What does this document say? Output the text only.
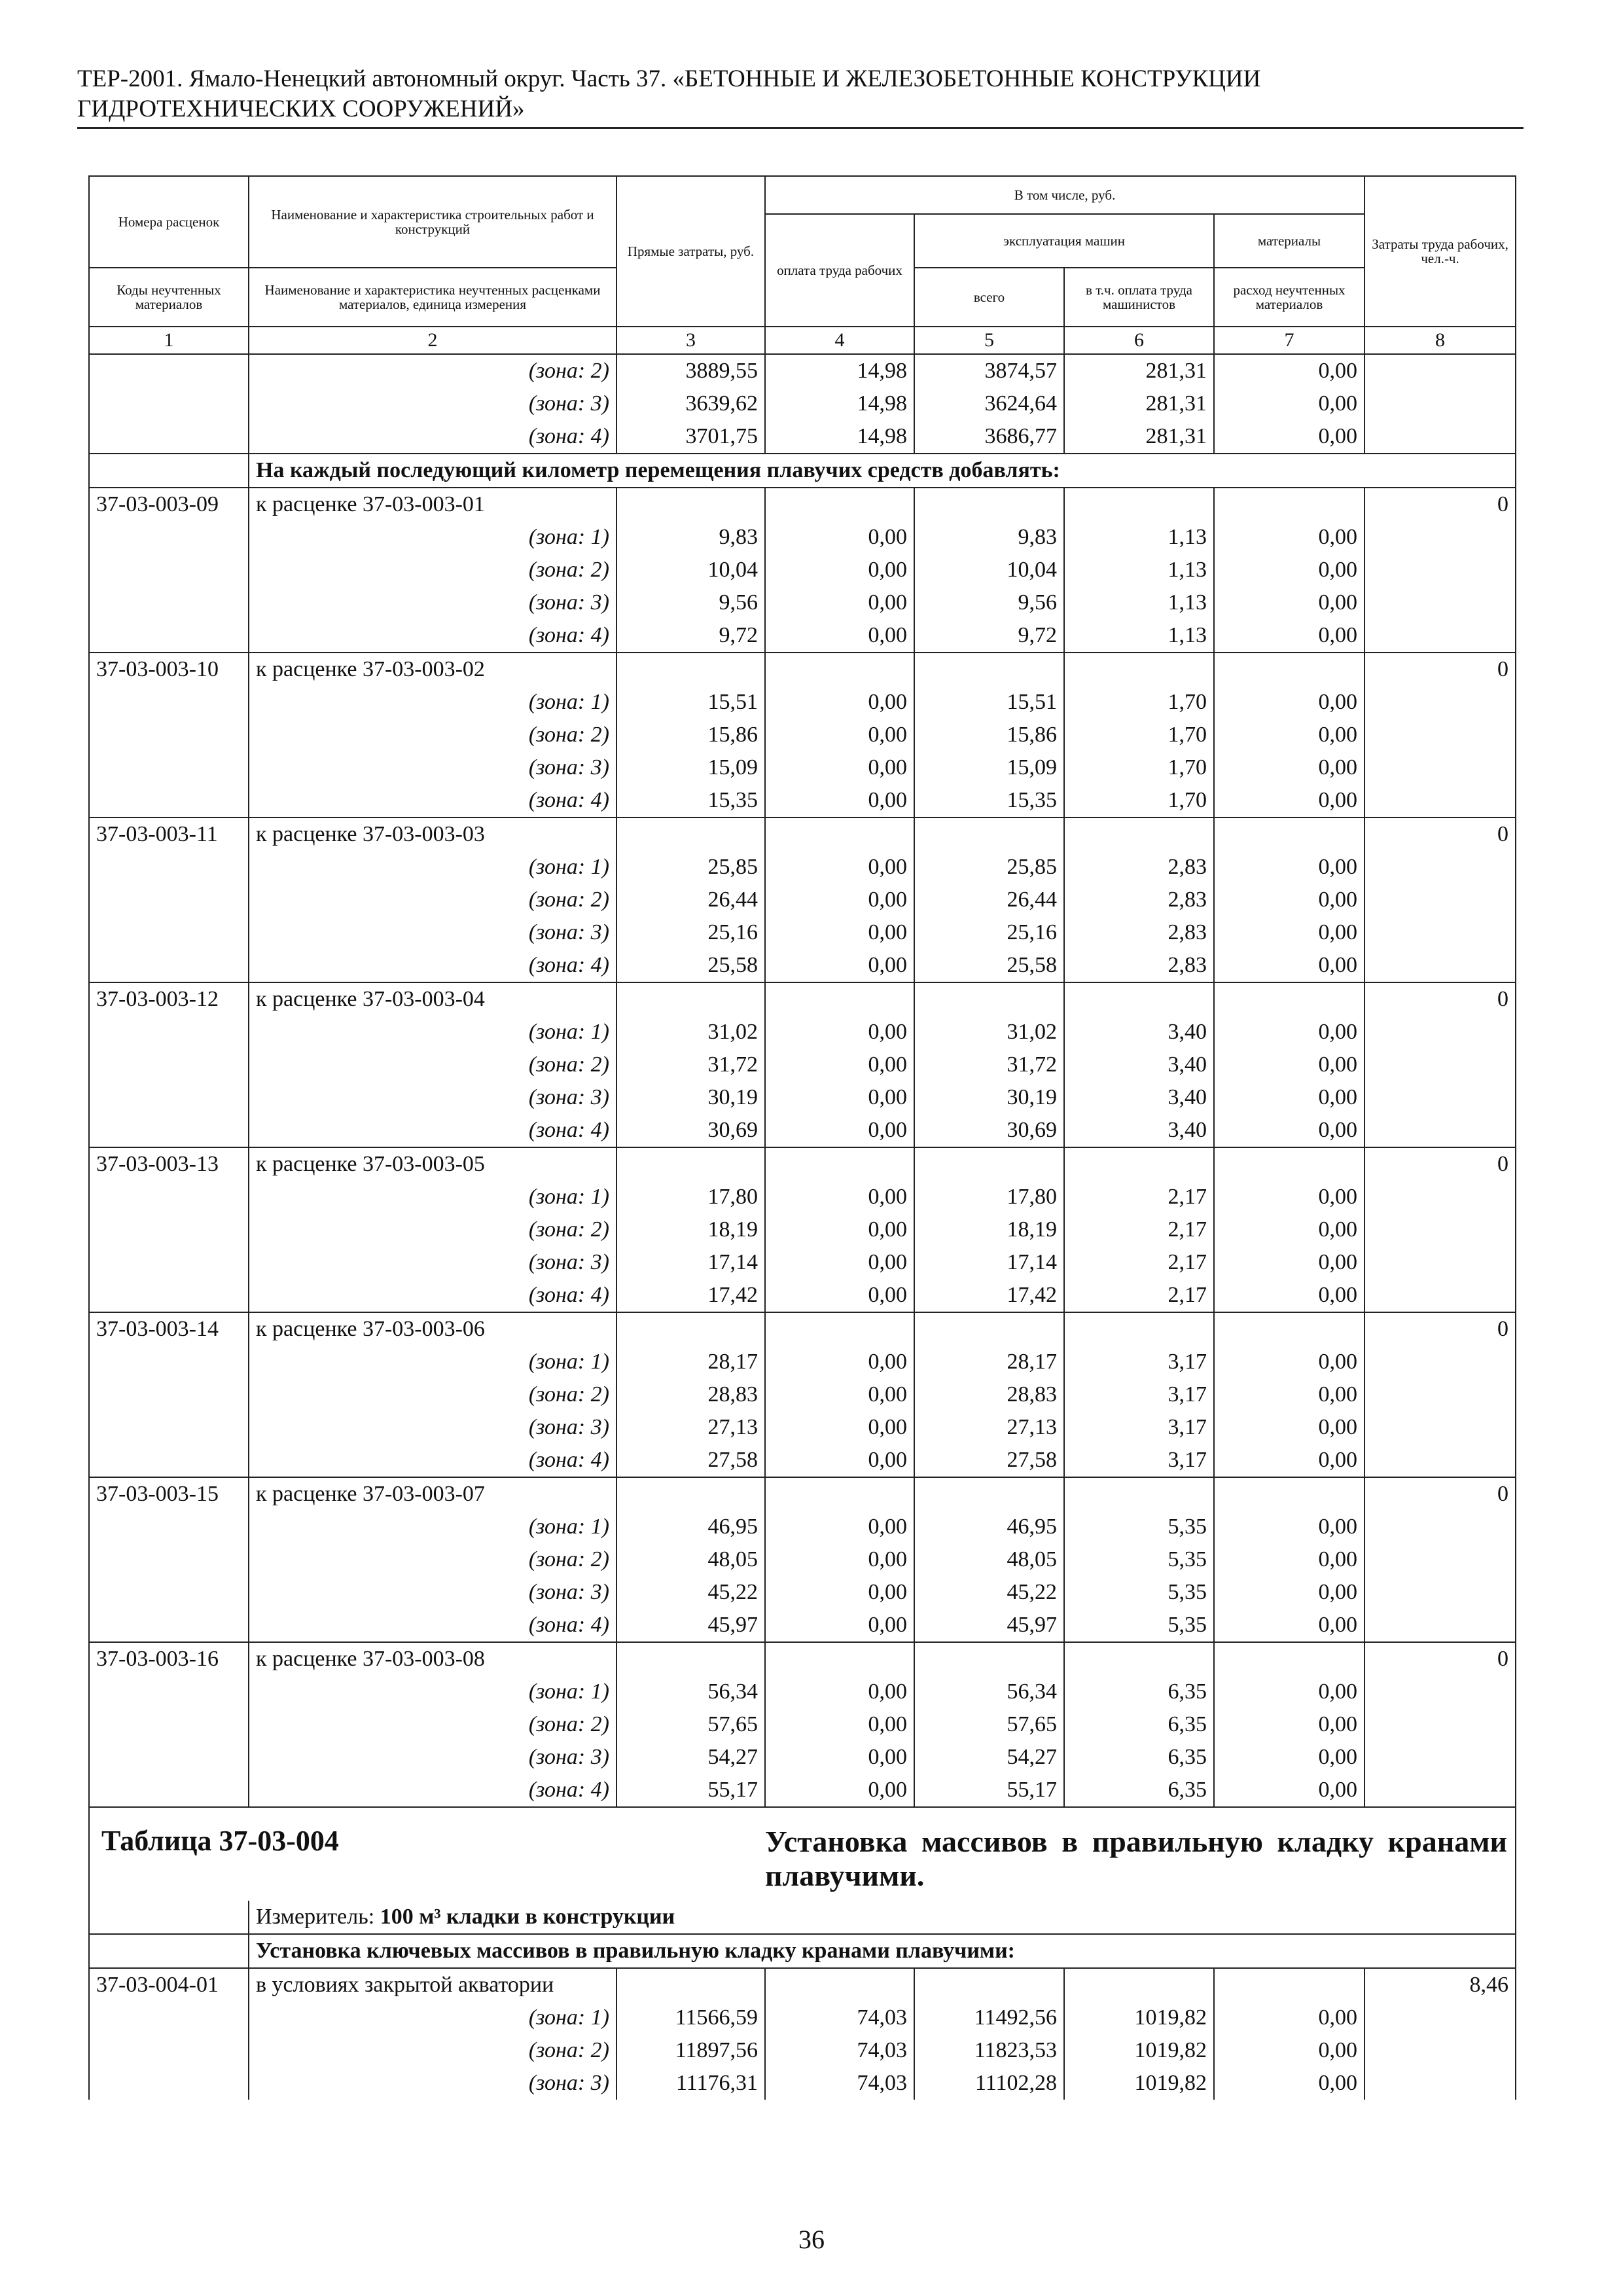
ТЕР-2001. Ямало-Ненецкий автономный округ. Часть 37. «БЕТОННЫЕ И ЖЕЛЕЗОБЕТОННЫЕ КОНСТРУКЦИИ
ГИДРОТЕХНИЧЕСКИХ СООРУЖЕНИЙ»
Номера расценок	Наименование и характеристика строительных работ и конструкций	Прямые затраты, руб.	В том числе, руб.				Затраты труда рабочих, чел.-ч.
			оплата труда рабочих	эксплуатация машин		материалы	
Коды неучтенных материалов	Наименование и характеристика неучтенных расценками материалов, единица измерения			всего	в т.ч. оплата труда машинистов	расход неучтенных материалов	
1	2	3	4	5	6	7	8
	(зона: 2)	3889,55	14,98	3874,57	281,31	0,00	
	(зона: 3)	3639,62	14,98	3624,64	281,31	0,00	
	(зона: 4)	3701,75	14,98	3686,77	281,31	0,00	
	На каждый последующий километр перемещения плавучих средств добавлять:						
37-03-003-09	к расценке 37-03-003-01						0
	(зона: 1)	9,83	0,00	9,83	1,13	0,00	
	(зона: 2)	10,04	0,00	10,04	1,13	0,00	
	(зона: 3)	9,56	0,00	9,56	1,13	0,00	
	(зона: 4)	9,72	0,00	9,72	1,13	0,00	
37-03-003-10	к расценке 37-03-003-02						0
	(зона: 1)	15,51	0,00	15,51	1,70	0,00	
	(зона: 2)	15,86	0,00	15,86	1,70	0,00	
	(зона: 3)	15,09	0,00	15,09	1,70	0,00	
	(зона: 4)	15,35	0,00	15,35	1,70	0,00	
37-03-003-11	к расценке 37-03-003-03						0
	(зона: 1)	25,85	0,00	25,85	2,83	0,00	
	(зона: 2)	26,44	0,00	26,44	2,83	0,00	
	(зона: 3)	25,16	0,00	25,16	2,83	0,00	
	(зона: 4)	25,58	0,00	25,58	2,83	0,00	
37-03-003-12	к расценке 37-03-003-04						0
	(зона: 1)	31,02	0,00	31,02	3,40	0,00	
	(зона: 2)	31,72	0,00	31,72	3,40	0,00	
	(зона: 3)	30,19	0,00	30,19	3,40	0,00	
	(зона: 4)	30,69	0,00	30,69	3,40	0,00	
37-03-003-13	к расценке 37-03-003-05						0
	(зона: 1)	17,80	0,00	17,80	2,17	0,00	
	(зона: 2)	18,19	0,00	18,19	2,17	0,00	
	(зона: 3)	17,14	0,00	17,14	2,17	0,00	
	(зона: 4)	17,42	0,00	17,42	2,17	0,00	
37-03-003-14	к расценке 37-03-003-06						0
	(зона: 1)	28,17	0,00	28,17	3,17	0,00	
	(зона: 2)	28,83	0,00	28,83	3,17	0,00	
	(зона: 3)	27,13	0,00	27,13	3,17	0,00	
	(зона: 4)	27,58	0,00	27,58	3,17	0,00	
37-03-003-15	к расценке 37-03-003-07						0
	(зона: 1)	46,95	0,00	46,95	5,35	0,00	
	(зона: 2)	48,05	0,00	48,05	5,35	0,00	
	(зона: 3)	45,22	0,00	45,22	5,35	0,00	
	(зона: 4)	45,97	0,00	45,97	5,35	0,00	
37-03-003-16	к расценке 37-03-003-08						0
	(зона: 1)	56,34	0,00	56,34	6,35	0,00	
	(зона: 2)	57,65	0,00	57,65	6,35	0,00	
	(зона: 3)	54,27	0,00	54,27	6,35	0,00	
	(зона: 4)	55,17	0,00	55,17	6,35	0,00	
Таблица 37-03-004			Установка массивов в правильную кладку кранами плавучими.				

	Измеритель: 100 м³ кладки в конструкции						
	Установка ключевых массивов в правильную кладку кранами плавучими:						
37-03-004-01	в условиях закрытой акватории						8,46
	(зона: 1)	11566,59	74,03	11492,56	1019,82	0,00	
	(зона: 2)	11897,56	74,03	11823,53	1019,82	0,00	
	(зона: 3)	11176,31	74,03	11102,28	1019,82	0,00	
36
